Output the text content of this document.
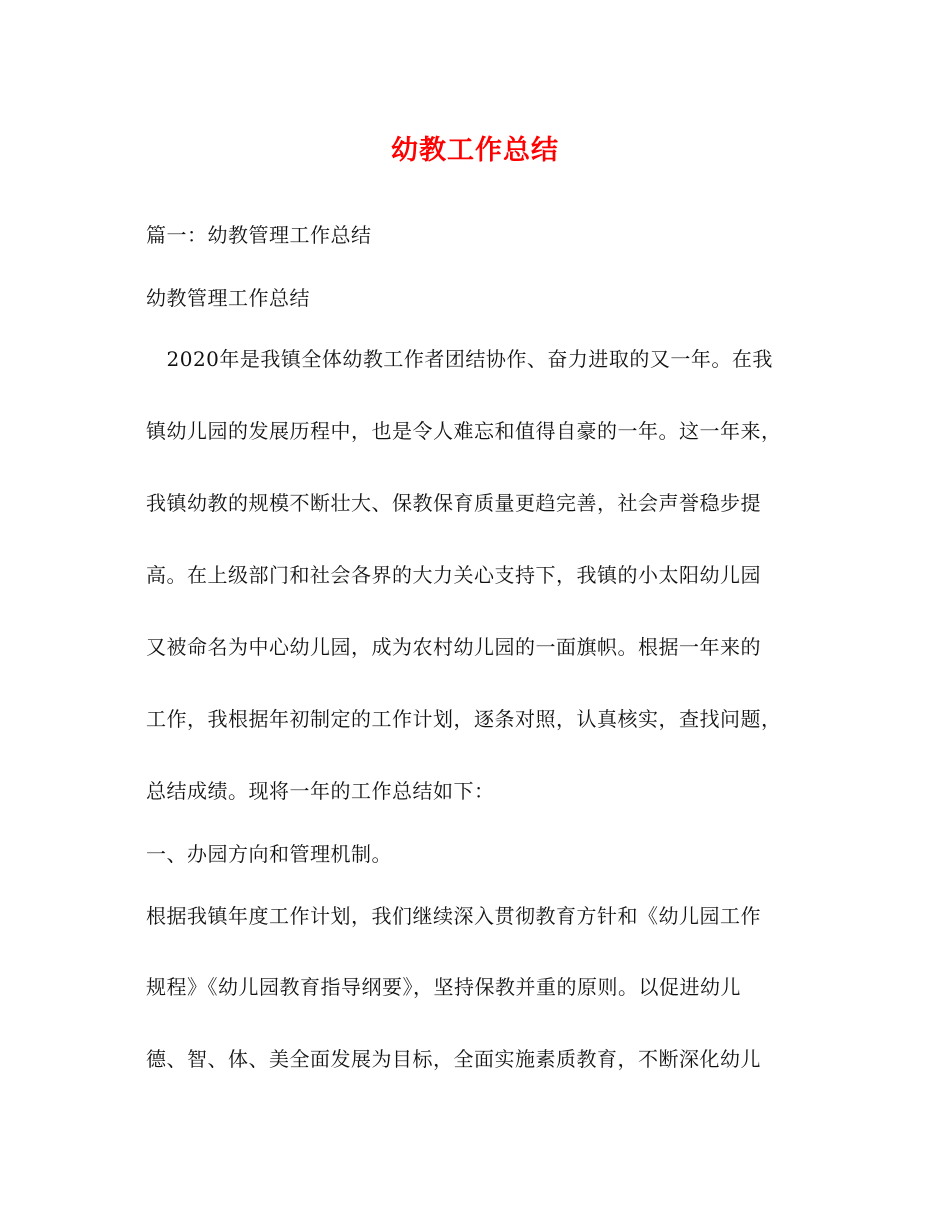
幼教工作总结
篇一：幼教管理工作总结
幼教管理工作总结
　2020年是我镇全体幼教工作者团结协作、奋力进取的又一年。在我
镇幼儿园的发展历程中，也是令人难忘和值得自豪的一年。这一年来，
我镇幼教的规模不断壮大、保教保育质量更趋完善，社会声誉稳步提
高。在上级部门和社会各界的大力关心支持下，我镇的小太阳幼儿园
又被命名为中心幼儿园，成为农村幼儿园的一面旗帜。根据一年来的
工作，我根据年初制定的工作计划，逐条对照，认真核实，查找问题，
总结成绩。现将一年的工作总结如下：
一、办园方向和管理机制。
根据我镇年度工作计划，我们继续深入贯彻教育方针和《幼儿园工作
规程》《幼儿园教育指导纲要》，坚持保教并重的原则。以促进幼儿
德、智、体、美全面发展为目标，全面实施素质教育，不断深化幼儿
